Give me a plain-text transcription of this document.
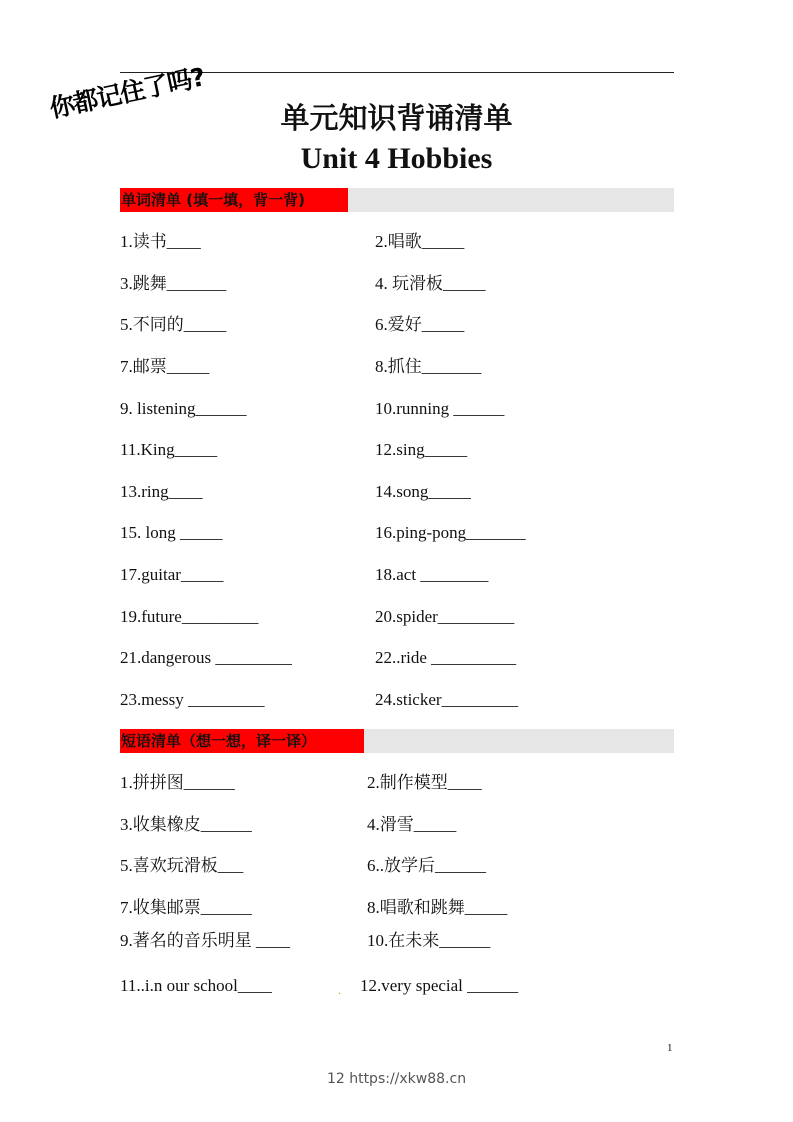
你都记住了吗?	单元知识背诵清单
Unit 4 Hobbies
单词清单 (填一填，背一背)
1.读书____	2.唱歌_____
3.跳舞_______	4. 玩滑板_____
5.不同的_____	6.爱好_____
7.邮票_____	8.抓住_______
9. listening______	10.running ______
11.King_____	12.sing_____
13.ring____	14.song_____
15. long _____	16.ping-pong_______
17.guitar_____	18.act ________
19.future_________	20.spider_________
21.dangerous _________	22..ride __________
23.messy _________	24.sticker_________
短语清单（想一想，译一译）
1.拼拼图______	2.制作模型____
3.收集橡皮______	4.滑雪_____
5.喜欢玩滑板___	6..放学后______
7.收集邮票______	8.唱歌和跳舞_____
9.著名的音乐明星 ____	10.在未来______
11..i.n our school____	12.very special ______
.
1
12 https://xkw88.cn
